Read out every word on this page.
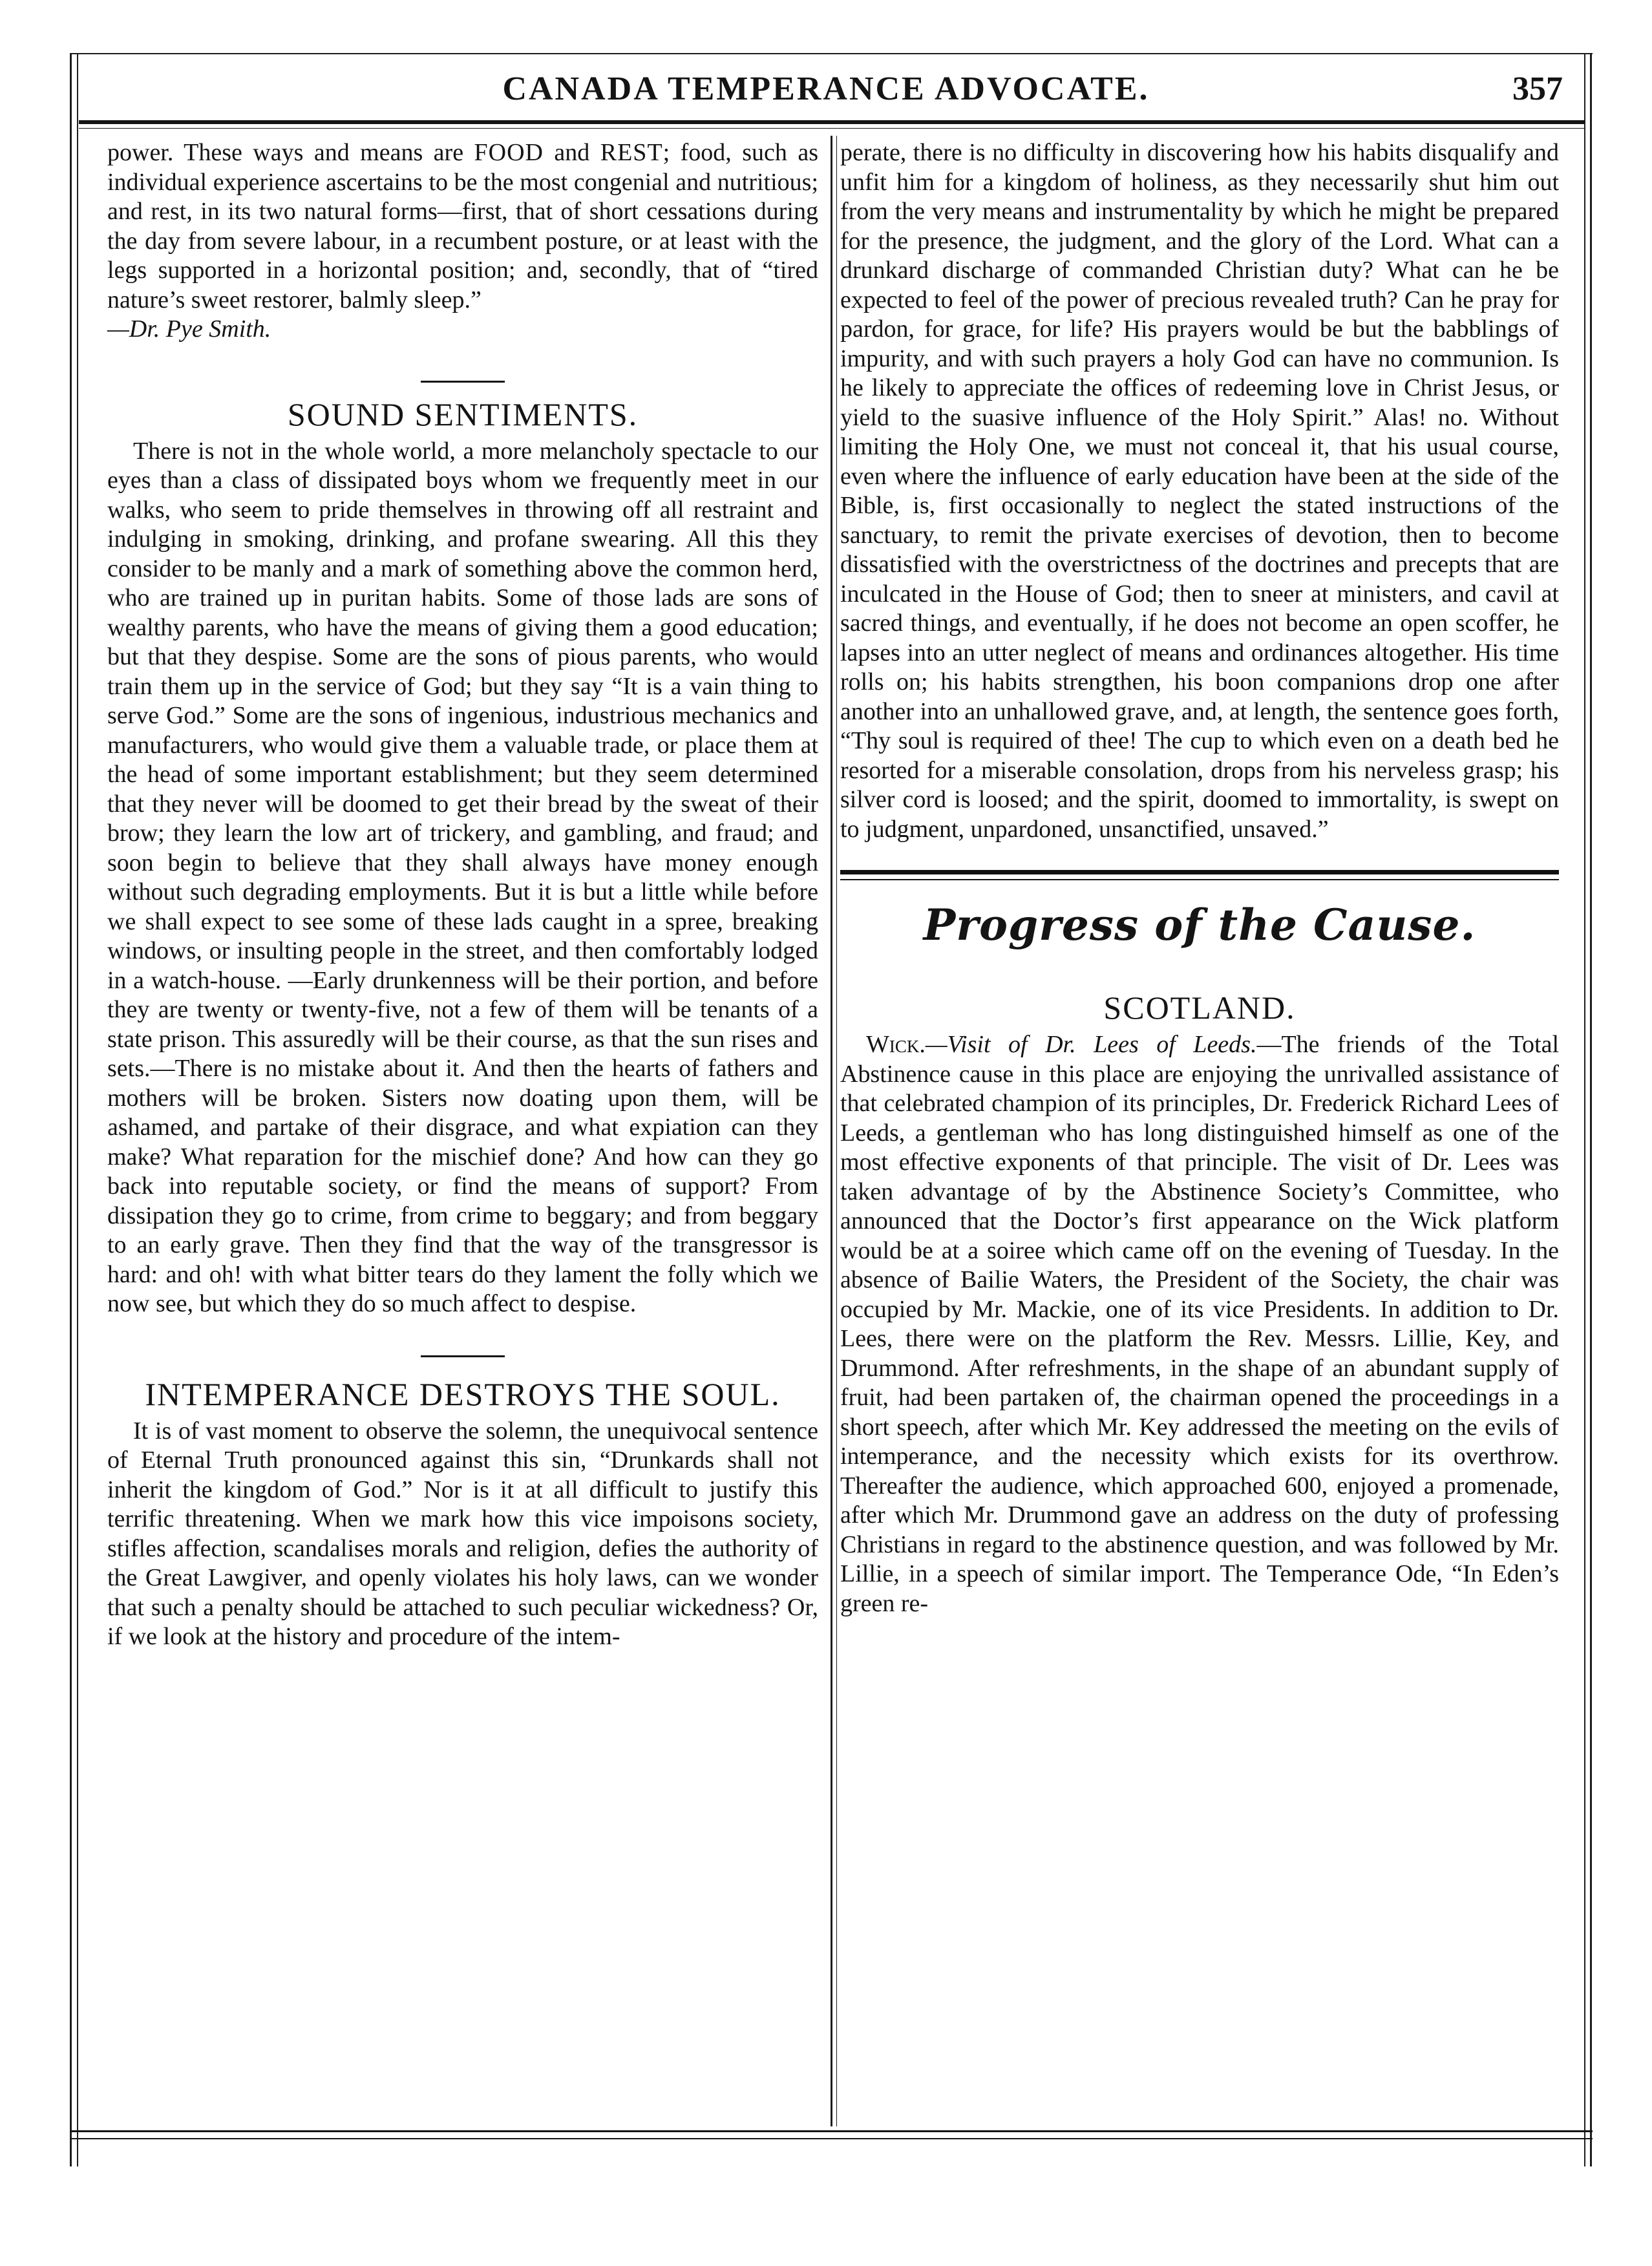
CANADA TEMPERANCE ADVOCATE.	357

power. These ways and means are FOOD and REST; food, such as individual experience ascertains to be the most congenial and nutritious; and rest, in its two natural forms—first, that of short cessations during the day from severe labour, in a recumbent posture, or at least with the legs supported in a horizontal position; and, secondly, that of “tired nature’s sweet restorer, balmly sleep.”

—Dr. Pye Smith.

SOUND SENTIMENTS.

There is not in the whole world, a more melancholy spectacle to our eyes than a class of dissipated boys whom we frequently meet in our walks, who seem to pride themselves in throwing off all restraint and indulging in smoking, drinking, and profane swearing. All this they consider to be manly and a mark of something above the common herd, who are trained up in puritan habits. Some of those lads are sons of wealthy parents, who have the means of giving them a good education; but that they despise. Some are the sons of pious parents, who would train them up in the service of God; but they say “It is a vain thing to serve God.” Some are the sons of ingenious, industrious mechanics and manufacturers, who would give them a valuable trade, or place them at the head of some important establishment; but they seem determined that they never will be doomed to get their bread by the sweat of their brow; they learn the low art of trickery, and gambling, and fraud; and soon begin to believe that they shall always have money enough without such degrading employments. But it is but a little while before we shall expect to see some of these lads caught in a spree, breaking windows, or insulting people in the street, and then comfortably lodged in a watch-house. —Early drunkenness will be their portion, and before they are twenty or twenty-five, not a few of them will be tenants of a state prison. This assuredly will be their course, as that the sun rises and sets.—There is no mistake about it. And then the hearts of fathers and mothers will be broken. Sisters now doating upon them, will be ashamed, and partake of their disgrace, and what expiation can they make? What reparation for the mischief done? And how can they go back into reputable society, or find the means of support? From dissipation they go to crime, from crime to beggary; and from beggary to an early grave. Then they find that the way of the transgressor is hard: and oh! with what bitter tears do they lament the folly which we now see, but which they do so much affect to despise.

INTEMPERANCE DESTROYS THE SOUL.

It is of vast moment to observe the solemn, the unequivocal sentence of Eternal Truth pronounced against this sin, “Drunkards shall not inherit the kingdom of God.” Nor is it at all difficult to justify this terrific threatening. When we mark how this vice impoisons society, stifles affection, scandalises morals and religion, defies the authority of the Great Lawgiver, and openly violates his holy laws, can we wonder that such a penalty should be attached to such peculiar wickedness? Or, if we look at the history and procedure of the intem-

perate, there is no difficulty in discovering how his habits disqualify and unfit him for a kingdom of holiness, as they necessarily shut him out from the very means and instrumentality by which he might be prepared for the presence, the judgment, and the glory of the Lord. What can a drunkard discharge of commanded Christian duty? What can he be expected to feel of the power of precious revealed truth? Can he pray for pardon, for grace, for life? His prayers would be but the babblings of impurity, and with such prayers a holy God can have no communion. Is he likely to appreciate the offices of redeeming love in Christ Jesus, or yield to the suasive influence of the Holy Spirit.” Alas! no. Without limiting the Holy One, we must not conceal it, that his usual course, even where the influence of early education have been at the side of the Bible, is, first occasionally to neglect the stated instructions of the sanctuary, to remit the private exercises of devotion, then to become dissatisfied with the overstrictness of the doctrines and precepts that are inculcated in the House of God; then to sneer at ministers, and cavil at sacred things, and eventually, if he does not become an open scoffer, he lapses into an utter neglect of means and ordinances altogether. His time rolls on; his habits strengthen, his boon companions drop one after another into an unhallowed grave, and, at length, the sentence goes forth, “Thy soul is required of thee! The cup to which even on a death bed he resorted for a miserable consolation, drops from his nerveless grasp; his silver cord is loosed; and the spirit, doomed to immortality, is swept on to judgment, unpardoned, unsanctified, unsaved.”

Progress of the Cause.
SCOTLAND.

Wick.—Visit of Dr. Lees of Leeds.—The friends of the Total Abstinence cause in this place are enjoying the unrivalled assistance of that celebrated champion of its principles, Dr. Frederick Richard Lees of Leeds, a gentleman who has long distinguished himself as one of the most effective exponents of that principle. The visit of Dr. Lees was taken advantage of by the Abstinence Society’s Committee, who announced that the Doctor’s first appearance on the Wick platform would be at a soiree which came off on the evening of Tuesday. In the absence of Bailie Waters, the President of the Society, the chair was occupied by Mr. Mackie, one of its vice Presidents. In addition to Dr. Lees, there were on the platform the Rev. Messrs. Lillie, Key, and Drummond. After refreshments, in the shape of an abundant supply of fruit, had been partaken of, the chairman opened the proceedings in a short speech, after which Mr. Key addressed the meeting on the evils of intemperance, and the necessity which exists for its overthrow. Thereafter the audience, which approached 600, enjoyed a promenade, after which Mr. Drummond gave an address on the duty of professing Christians in regard to the abstinence question, and was followed by Mr. Lillie, in a speech of similar import. The Temperance Ode, “In Eden’s green re-
